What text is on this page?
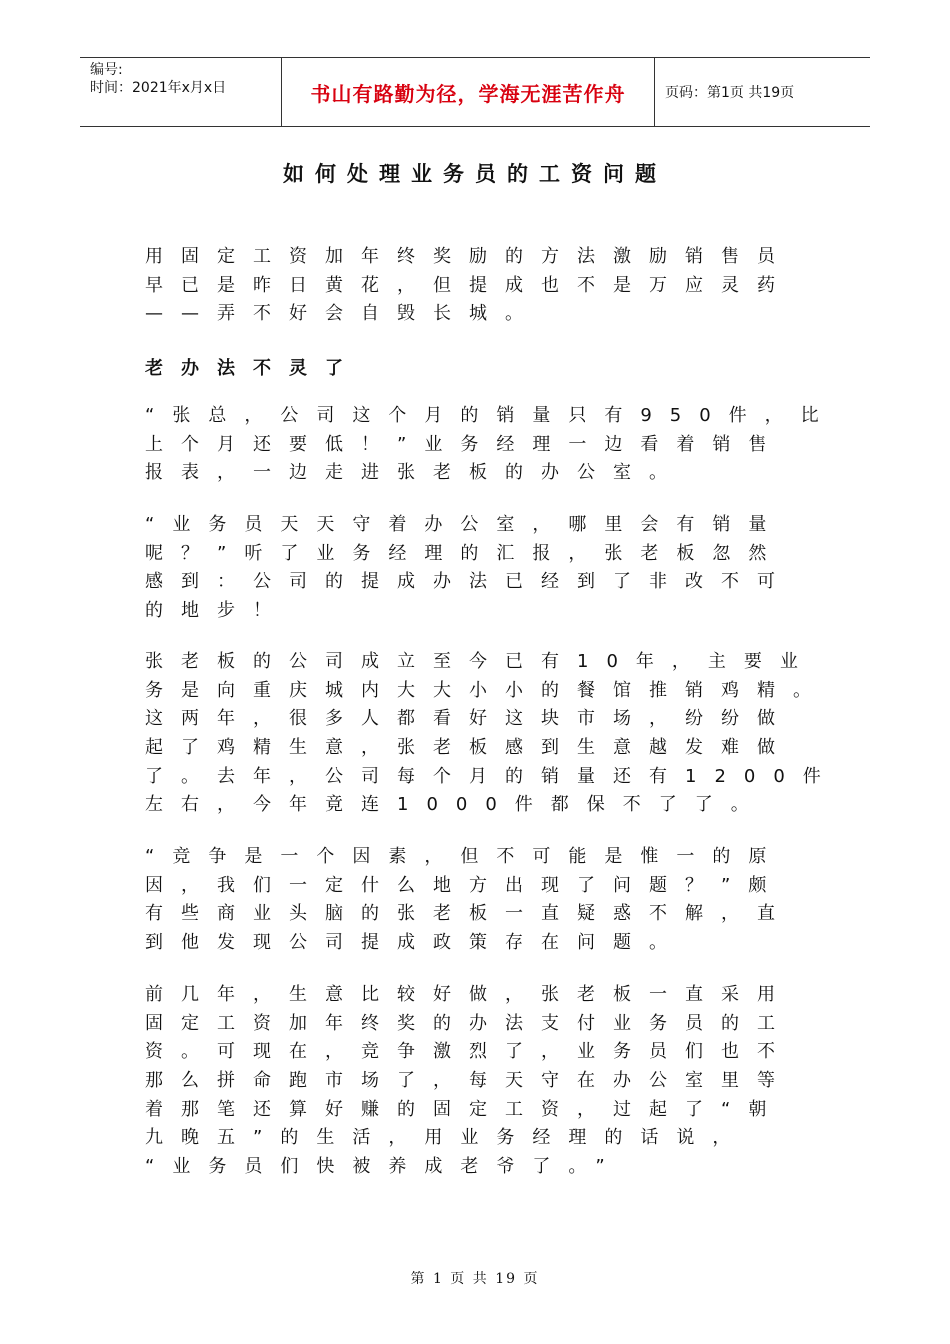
编号:
时间：2021年x月x日	书山有路勤为径，学海无涯苦作舟	页码：第1页 共19页
如何处理业务员的工资问题

用固定工资加年终奖励的方法激励销售员
早已是昨日黄花，但提成也不是万应灵药
——弄不好会自毁长城。

老办法不灵了

“张总，公司这个月的销量只有950件，比
上个月还要低！”业务经理一边看着销售
报表，一边走进张老板的办公室。

“业务员天天守着办公室，哪里会有销量
呢？”听了业务经理的汇报，张老板忽然
感到：公司的提成办法已经到了非改不可
的地步！

张老板的公司成立至今已有10年，主要业
务是向重庆城内大大小小的餐馆推销鸡精。
这两年，很多人都看好这块市场，纷纷做
起了鸡精生意，张老板感到生意越发难做
了。去年，公司每个月的销量还有1200件
左右，今年竟连1000件都保不了了。

“竞争是一个因素，但不可能是惟一的原
因，我们一定什么地方出现了问题？”颇
有些商业头脑的张老板一直疑惑不解，直
到他发现公司提成政策存在问题。

前几年，生意比较好做，张老板一直采用
固定工资加年终奖的办法支付业务员的工
资。可现在，竞争激烈了，业务员们也不
那么拼命跑市场了，每天守在办公室里等
着那笔还算好赚的固定工资，过起了“朝
九晚五”的生活，用业务经理的话说，
“业务员们快被养成老爷了。”

第 1 页 共 19 页
